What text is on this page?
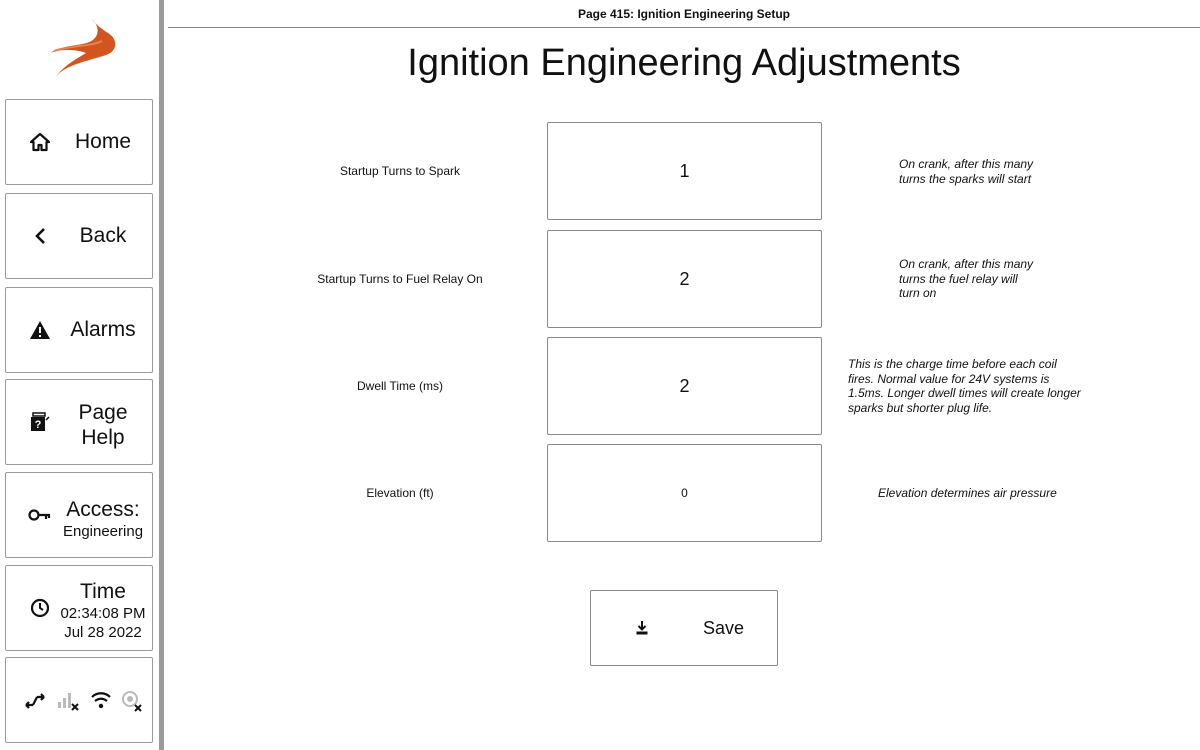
Home
Back
Alarms
?
Page
Help
Access:
Engineering
Time
02:34:08 PM
Jul 28 2022
Page 415: Ignition Engineering Setup
Ignition Engineering Adjustments
Startup Turns to Spark	1	On crank, after this many
turns the sparks will start
Startup Turns to Fuel Relay On	2
On crank, after this many
turns the fuel relay will
turn on
Dwell Time (ms)	2
This is the charge time before each coil
fires. Normal value for 24V systems is
1.5ms. Longer dwell times will create longer
sparks but shorter plug life.
Elevation (ft)	0	Elevation determines air pressure
Save
